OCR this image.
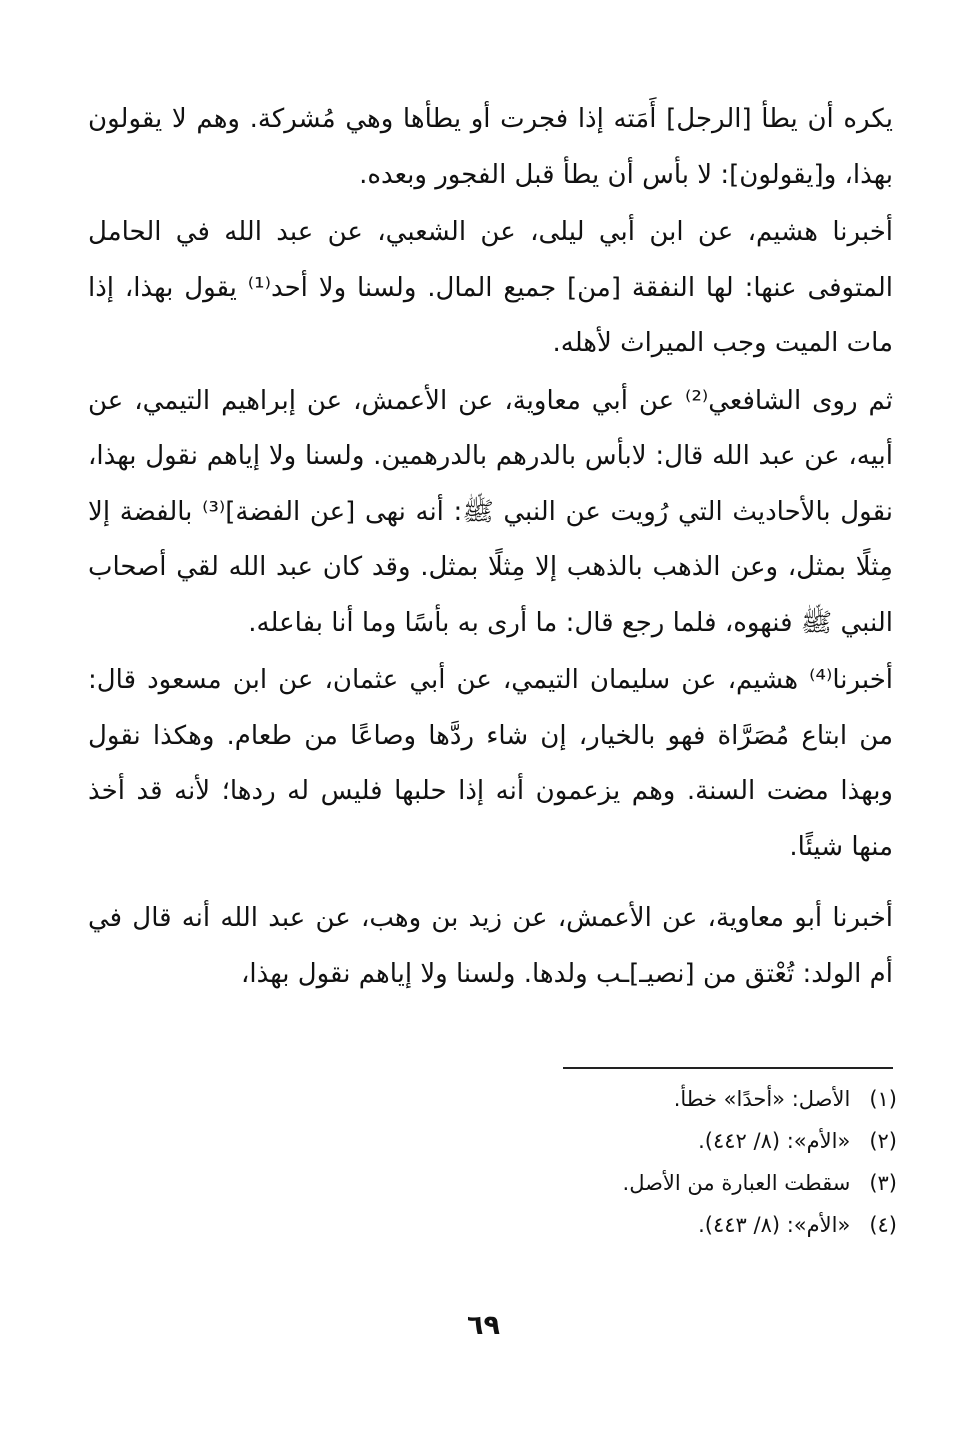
يكره أن يطأ [الرجل] أَمَته إذا فجرت أو يطأها وهي مُشركة. وهم لا يقولون بهذا، و[يقولون]: لا بأس أن يطأ قبل الفجور وبعده.

أخبرنا هشيم، عن ابن أبي ليلى، عن الشعبي، عن عبد الله في الحامل المتوفى عنها: لها النفقة [من] جميع المال. ولسنا ولا أحد⁽¹⁾ يقول بهذا، إذا مات الميت وجب الميراث لأهله.

ثم روى الشافعي⁽²⁾ عن أبي معاوية، عن الأعمش، عن إبراهيم التيمي، عن أبيه، عن عبد الله قال: لابأس بالدرهم بالدرهمين. ولسنا ولا إياهم نقول بهذا، نقول بالأحاديث التي رُويت عن النبي ﷺ: أنه نهى [عن الفضة]⁽³⁾ بالفضة إلا مِثلًا بمثل، وعن الذهب بالذهب إلا مِثلًا بمثل. وقد كان عبد الله لقي أصحاب النبي ﷺ فنهوه، فلما رجع قال: ما أرى به بأسًا وما أنا بفاعله.

أخبرنا⁽⁴⁾ هشيم، عن سليمان التيمي، عن أبي عثمان، عن ابن مسعود قال: من ابتاع مُصَرَّاة فهو بالخيار، إن شاء ردَّها وصاعًا من طعام. وهكذا نقول وبهذا مضت السنة. وهم يزعمون أنه إذا حلبها فليس له ردها؛ لأنه قد أخذ منها شيئًا.

أخبرنا أبو معاوية، عن الأعمش، عن زيد بن وهب، عن عبد الله أنه قال في أم الولد: تُعْتق من [نصيـ]ـب ولدها. ولسنا ولا إياهم نقول بهذا،

(١) الأصل: «أحدًا» خطأ.
(٢) «الأم»: (٨/ ٤٤٢).
(٣) سقطت العبارة من الأصل.
(٤) «الأم»: (٨/ ٤٤٣).
٦٩
